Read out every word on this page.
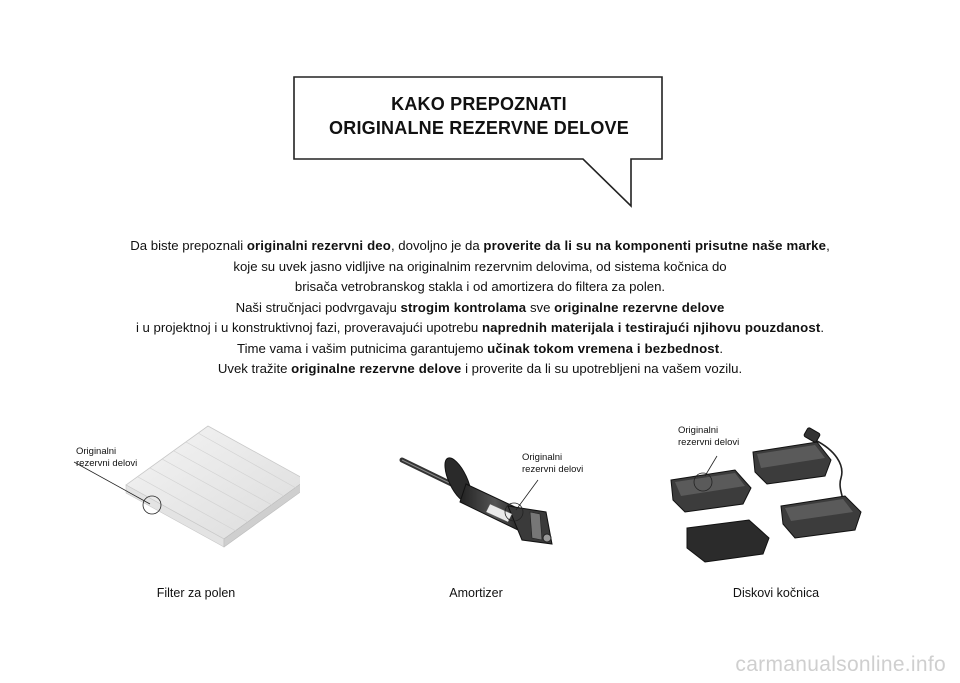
KAKO PREPOZNATI
ORIGINALNE REZERVNE DELOVE
Da biste prepoznali originalni rezervni deo, dovoljno je da proverite da li su na komponenti prisutne naše marke,
koje su uvek jasno vidljive na originalnim rezervnim delovima, od sistema kočnica do
brisača vetrobranskog stakla i od amortizera do filtera za polen.
Naši stručnjaci podvrgavaju strogim kontrolama sve originalne rezervne delove
i u projektnoj i u konstruktivnoj fazi, proveravajući upotrebu naprednih materijala i testirajući njihovu pouzdanost.
Time vama i vašim putnicima garantujemo učinak tokom vremena i bezbednost.
Uvek tražite originalne rezervne delove i proverite da li su upotrebljeni na vašem vozilu.
Originalni
rezervni delovi
Filter za polen
Originalni
rezervni delovi
Amortizer
Originalni
rezervni delovi
Diskovi kočnica
carmanualsonline.info
